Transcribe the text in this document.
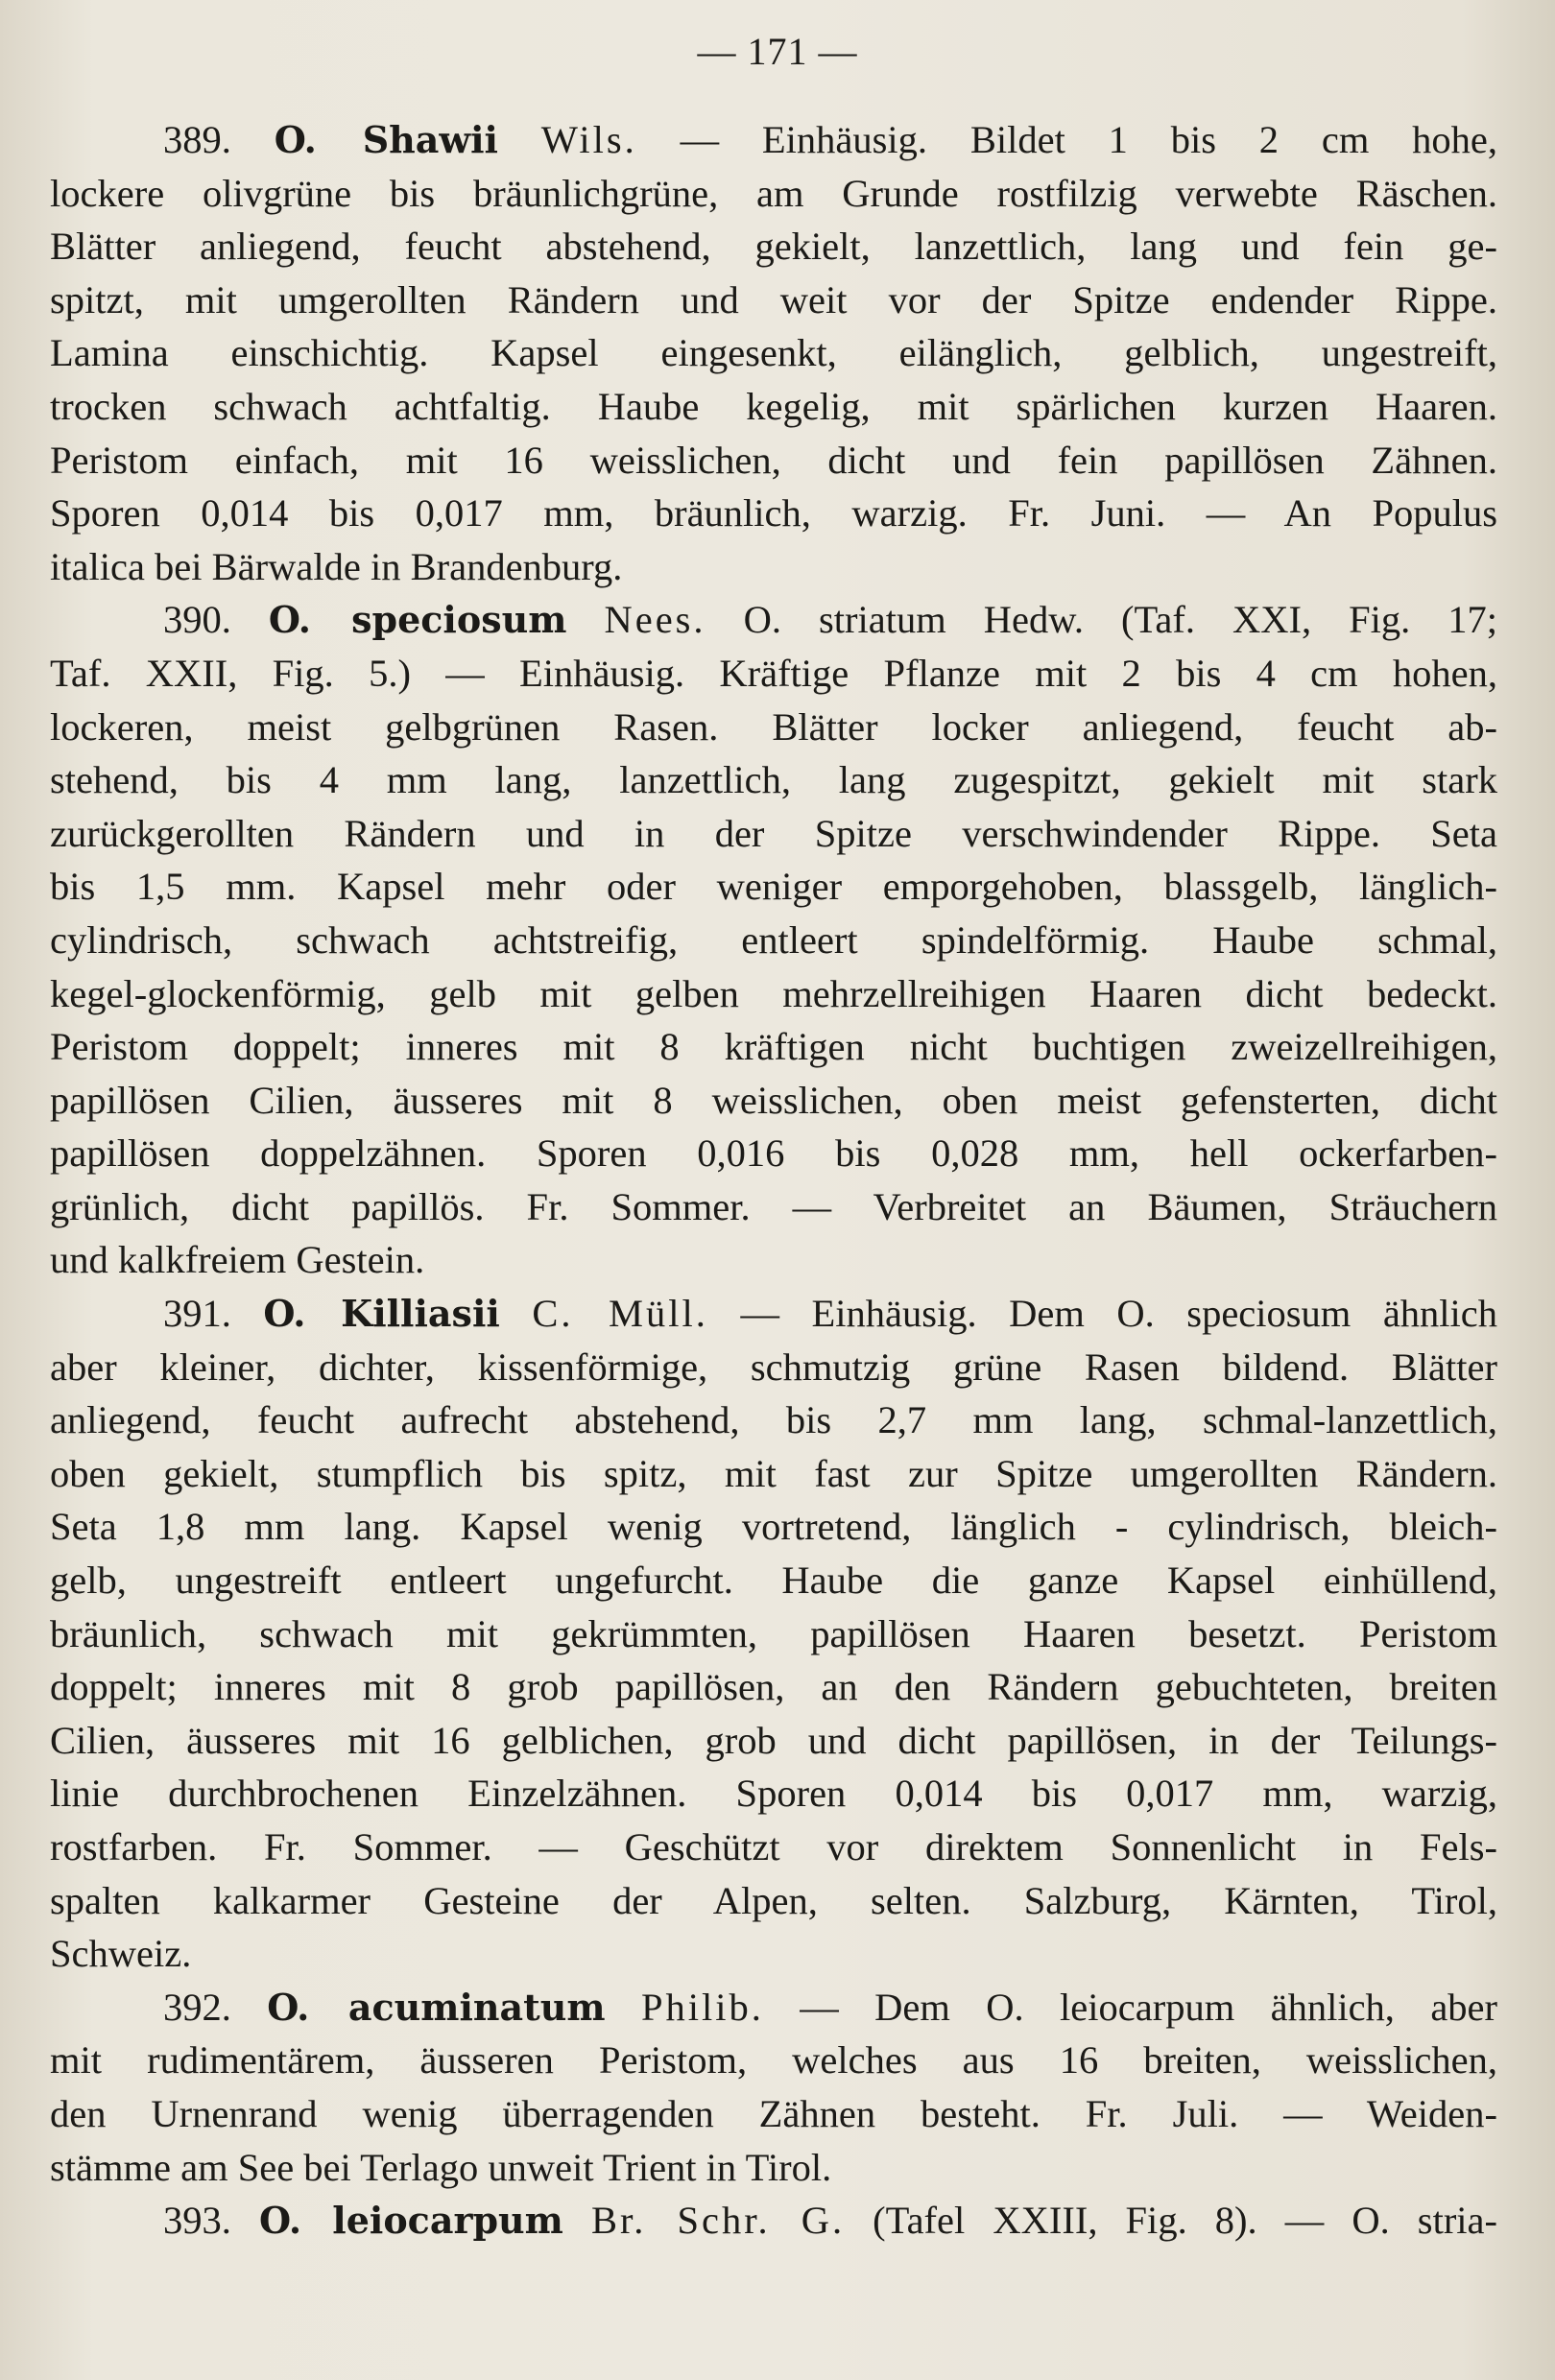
— 171 —
389. O. Shawii Wils. — Einhäusig. Bildet 1 bis 2 cm hohe,
lockere olivgrüne bis bräunlichgrüne, am Grunde rostfilzig verwebte Räschen.
Blätter anliegend, feucht abstehend, gekielt, lanzettlich, lang und fein ge-
spitzt, mit umgerollten Rändern und weit vor der Spitze endender Rippe.
Lamina einschichtig. Kapsel eingesenkt, eilänglich, gelblich, ungestreift,
trocken schwach achtfaltig. Haube kegelig, mit spärlichen kurzen Haaren.
Peristom einfach, mit 16 weisslichen, dicht und fein papillösen Zähnen.
Sporen 0,014 bis 0,017 mm, bräunlich, warzig. Fr. Juni. — An Populus
italica bei Bärwalde in Brandenburg.
390. O. speciosum Nees. O. striatum Hedw. (Taf. XXI, Fig. 17;
Taf. XXII, Fig. 5.) — Einhäusig. Kräftige Pflanze mit 2 bis 4 cm hohen,
lockeren, meist gelbgrünen Rasen. Blätter locker anliegend, feucht ab-
stehend, bis 4 mm lang, lanzettlich, lang zugespitzt, gekielt mit stark
zurückgerollten Rändern und in der Spitze verschwindender Rippe. Seta
bis 1,5 mm. Kapsel mehr oder weniger emporgehoben, blassgelb, länglich-
cylindrisch, schwach achtstreifig, entleert spindelförmig. Haube schmal,
kegel-glockenförmig, gelb mit gelben mehrzellreihigen Haaren dicht bedeckt.
Peristom doppelt; inneres mit 8 kräftigen nicht buchtigen zweizellreihigen,
papillösen Cilien, äusseres mit 8 weisslichen, oben meist gefensterten, dicht
papillösen doppelzähnen. Sporen 0,016 bis 0,028 mm, hell ockerfarben-
grünlich, dicht papillös. Fr. Sommer. — Verbreitet an Bäumen, Sträuchern
und kalkfreiem Gestein.
391. O. Killiasii C. Müll. — Einhäusig. Dem O. speciosum ähnlich
aber kleiner, dichter, kissenförmige, schmutzig grüne Rasen bildend. Blätter
anliegend, feucht aufrecht abstehend, bis 2,7 mm lang, schmal-lanzettlich,
oben gekielt, stumpflich bis spitz, mit fast zur Spitze umgerollten Rändern.
Seta 1,8 mm lang. Kapsel wenig vortretend, länglich - cylindrisch, bleich-
gelb, ungestreift entleert ungefurcht. Haube die ganze Kapsel einhüllend,
bräunlich, schwach mit gekrümmten, papillösen Haaren besetzt. Peristom
doppelt; inneres mit 8 grob papillösen, an den Rändern gebuchteten, breiten
Cilien, äusseres mit 16 gelblichen, grob und dicht papillösen, in der Teilungs-
linie durchbrochenen Einzelzähnen. Sporen 0,014 bis 0,017 mm, warzig,
rostfarben. Fr. Sommer. — Geschützt vor direktem Sonnenlicht in Fels-
spalten kalkarmer Gesteine der Alpen, selten. Salzburg, Kärnten, Tirol,
Schweiz.
392. O. acuminatum Philib. — Dem O. leiocarpum ähnlich, aber
mit rudimentärem, äusseren Peristom, welches aus 16 breiten, weisslichen,
den Urnenrand wenig überragenden Zähnen besteht. Fr. Juli. — Weiden-
stämme am See bei Terlago unweit Trient in Tirol.
393. O. leiocarpum Br. Schr. G. (Tafel XXIII, Fig. 8). — O. stria-
